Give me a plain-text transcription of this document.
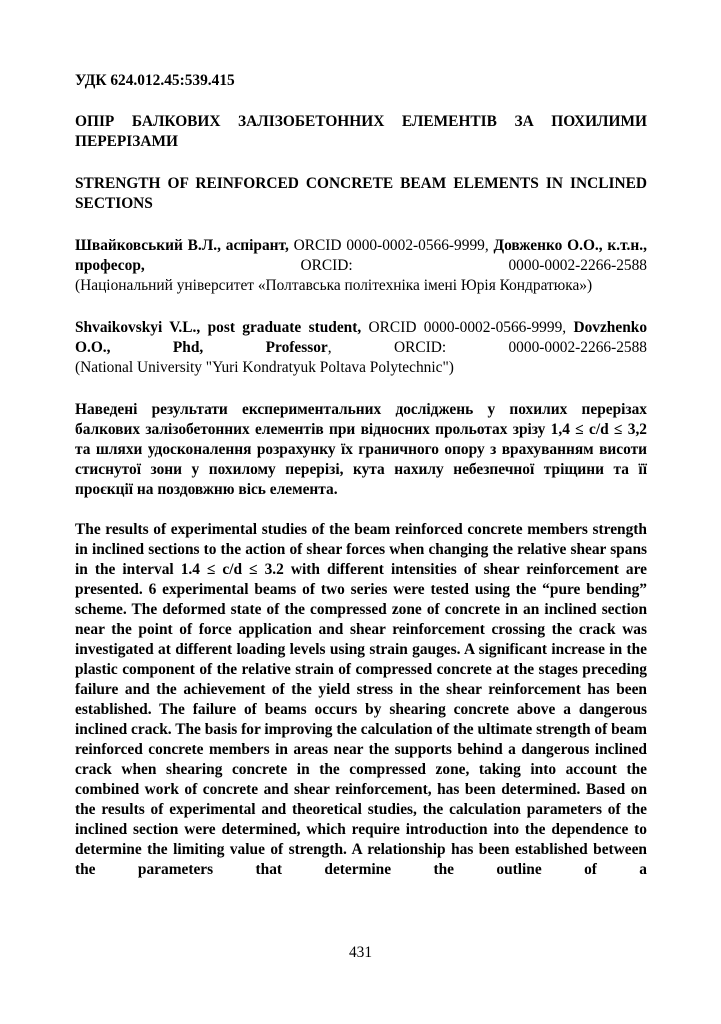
УДК 624.012.45:539.415

ОПІР БАЛКОВИХ ЗАЛІЗОБЕТОННИХ ЕЛЕМЕНТІВ ЗА ПОХИЛИМИ ПЕРЕРІЗАМИ

STRENGTH OF REINFORCED CONCRETE BEAM ELEMENTS IN INCLINED SECTIONS

Швайковський В.Л., аспірант, ORCID 0000-0002-0566-9999, Довженко О.О., к.т.н., професор,	ORCID: 0000-0002-2266-2588

(Національний університет «Полтавська політехніка імені Юрія Кондратюка»)

Shvaikovskyi V.L., post graduate student, ORCID 0000-0002-0566-9999, Dovzhenko O.O.,	Phd,	Professor, ORCID: 0000-0002-2266-2588

(National University "Yuri Kondratyuk Poltava Polytechnic")

Наведені результати експериментальних досліджень у похилих перерізах балкових залізобетонних елементів при відносних прольотах зрізу 1,4 ≤ c/d ≤ 3,2 та шляхи удосконалення розрахунку їх граничного опору з врахуванням висоти стиснутої зони у похилому перерізі, кута нахилу небезпечної тріщини та її проєкції на поздовжню вісь елемента.

The results of experimental studies of the beam reinforced concrete members strength in inclined sections to the action of shear forces when changing the relative shear spans in the interval 1.4 ≤ c/d ≤ 3.2 with different intensities of shear reinforcement are presented. 6 experimental beams of two series were tested using the “pure bending” scheme. The deformed state of the compressed zone of concrete in an inclined section near the point of force application and shear reinforcement crossing the crack was investigated at different loading levels using strain gauges. A significant increase in the plastic component of the relative strain of compressed concrete at the stages preceding failure and the achievement of the yield stress in the shear reinforcement has been established. The failure of beams occurs by shearing concrete above a dangerous inclined crack. The basis for improving the calculation of the ultimate strength of beam reinforced concrete members in areas near the supports behind a dangerous inclined crack when shearing concrete in the compressed zone, taking into account the combined work of concrete and shear reinforcement, has been determined. Based on the results of experimental and theoretical studies, the calculation parameters of the inclined section were determined, which require introduction into the dependence to determine the limiting value of strength. A relationship has been established between the parameters that determine the outline of a

431
